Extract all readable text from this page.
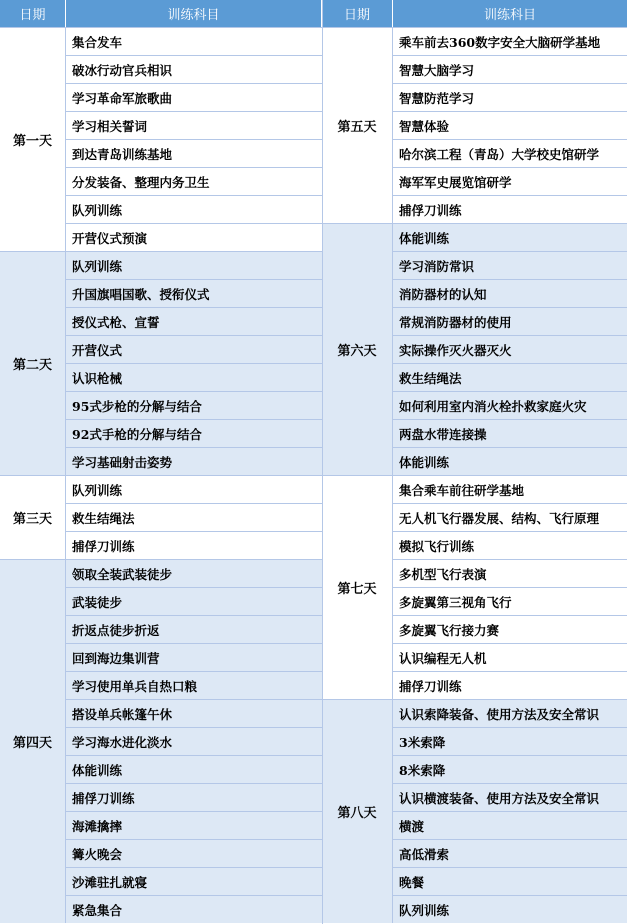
日期	训练科目
第一天
集合发车
破冰行动官兵相识
学习革命军旅歌曲
学习相关誓词
到达青岛训练基地
分发装备、整理内务卫生
队列训练
开营仪式预演
第二天
队列训练
升国旗唱国歌、授衔仪式
授仪式枪、宣誓
开营仪式
认识枪械
95式步枪的分解与结合
92式手枪的分解与结合
学习基础射击姿势
第三天
队列训练
救生结绳法
捕俘刀训练
第四天
领取全装武装徒步
武装徒步
折返点徒步折返
回到海边集训营
学习使用单兵自热口粮
搭设单兵帐篷午休
学习海水进化淡水
体能训练
捕俘刀训练
海滩擒摔
篝火晚会
沙滩驻扎就寝
紧急集合
日期	训练科目
第五天
乘车前去360数字安全大脑研学基地
智慧大脑学习
智慧防范学习
智慧体验
哈尔滨工程（青岛）大学校史馆研学
海军军史展览馆研学
捕俘刀训练
第六天
体能训练
学习消防常识
消防器材的认知
常规消防器材的使用
实际操作灭火器灭火
救生结绳法
如何利用室内消火栓扑救家庭火灾
两盘水带连接操
体能训练
第七天
集合乘车前往研学基地
无人机飞行器发展、结构、飞行原理
模拟飞行训练
多机型飞行表演
多旋翼第三视角飞行
多旋翼飞行接力赛
认识编程无人机
捕俘刀训练
第八天
认识索降装备、使用方法及安全常识
3米索降
8米索降
认识横渡装备、使用方法及安全常识
横渡
高低滑索
晚餐
队列训练
